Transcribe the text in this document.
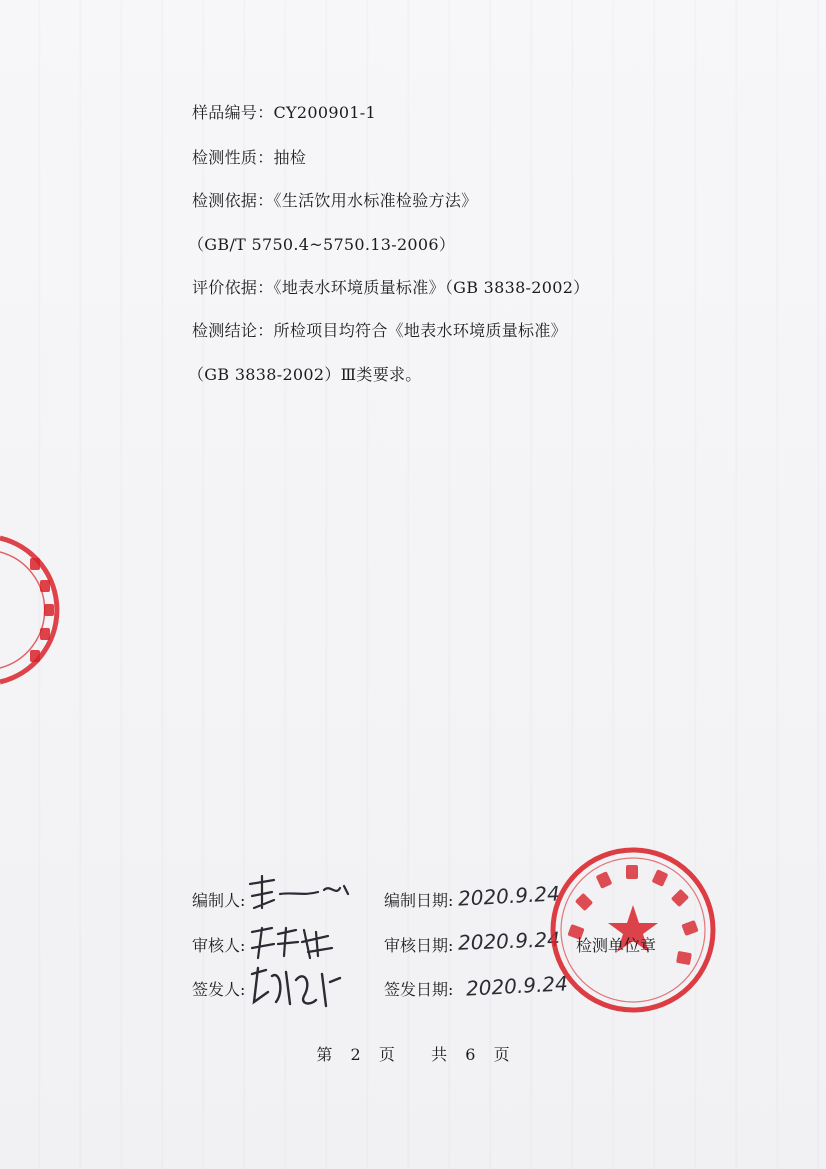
样品编号：CY200901-1
检测性质：抽检
检测依据：《生活饮用水标准检验方法》
（GB/T 5750.4~5750.13-2006）
评价依据：《地表水环境质量标准》（GB 3838-2002）
检测结论：所检项目均符合《地表水环境质量标准》
（GB 3838-2002）Ⅲ类要求。
编制人:
审核人:
签发人:
编制日期:
审核日期:
签发日期:
2020.9.24
2020.9.24
2020.9.24
检测单位章
第 2 页 共 6 页
